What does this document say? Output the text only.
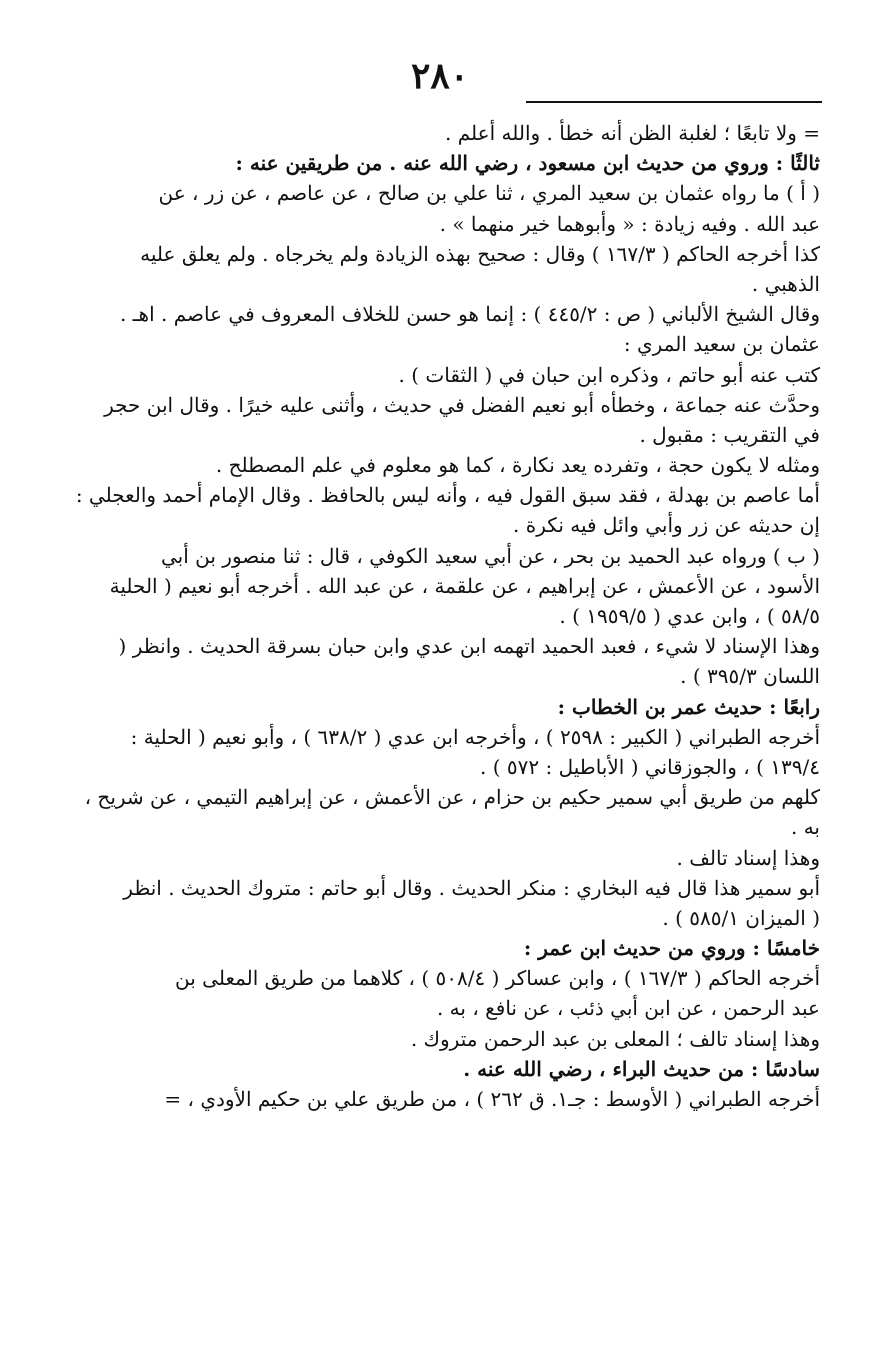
٢٨٠
= ولا تابعًا ؛ لغلبة الظن أنه خطأ . والله أعلم .
ثالثًا : وروي من حديث ابن مسعود ، رضي الله عنه . من طريقين عنه :
( أ ) ما رواه عثمان بن سعيد المري ، ثنا علي بن صالح ، عن عاصم ، عن زر ، عن
عبد الله . وفيه زيادة : « وأبوهما خير منهما » .
كذا أخرجه الحاكم ( ١٦٧/٣ ) وقال : صحيح بهذه الزيادة ولم يخرجاه . ولم يعلق عليه
الذهبي .
وقال الشيخ الألباني ( ص : ٤٤٥/٢ ) : إنما هو حسن للخلاف المعروف في عاصم . اهـ .
عثمان بن سعيد المري :
كتب عنه أبو حاتم ، وذكره ابن حبان في ( الثقات ) .
وحدَّث عنه جماعة ، وخطأه أبو نعيم الفضل في حديث ، وأثنى عليه خيرًا . وقال ابن حجر
في التقريب : مقبول .
ومثله لا يكون حجة ، وتفرده يعد نكارة ، كما هو معلوم في علم المصطلح .
أما عاصم بن بهدلة ، فقد سبق القول فيه ، وأنه ليس بالحافظ . وقال الإمام أحمد والعجلي :
إن حديثه عن زر وأبي وائل فيه نكرة .
( ب ) ورواه عبد الحميد بن بحر ، عن أبي سعيد الكوفي ، قال : ثنا منصور بن أبي
الأسود ، عن الأعمش ، عن إبراهيم ، عن علقمة ، عن عبد الله . أخرجه أبو نعيم ( الحلية
٥٨/٥ ) ، وابن عدي ( ١٩٥٩/٥ ) .
وهذا الإسناد لا شيء ، فعبد الحميد اتهمه ابن عدي وابن حبان بسرقة الحديث . وانظر (
اللسان ٣٩٥/٣ ) .
رابعًا : حديث عمر بن الخطاب :
أخرجه الطبراني ( الكبير : ٢٥٩٨ ) ، وأخرجه ابن عدي ( ٦٣٨/٢ ) ، وأبو نعيم ( الحلية :
١٣٩/٤ ) ، والجوزقاني ( الأباطيل : ٥٧٢ ) .
كلهم من طريق أبي سمير حكيم بن حزام ، عن الأعمش ، عن إبراهيم التيمي ، عن شريح ،
به .
وهذا إسناد تالف .
أبو سمير هذا قال فيه البخاري : منكر الحديث . وقال أبو حاتم : متروك الحديث . انظر
( الميزان ٥٨٥/١ ) .
خامسًا : وروي من حديث ابن عمر :
أخرجه الحاكم ( ١٦٧/٣ ) ، وابن عساكر ( ٥٠٨/٤ ) ، كلاهما من طريق المعلى بن
عبد الرحمن ، عن ابن أبي ذئب ، عن نافع ، به .
وهذا إسناد تالف ؛ المعلى بن عبد الرحمن متروك .
سادسًا : من حديث البراء ، رضي الله عنه .
أخرجه الطبراني ( الأوسط : جـ١. ق ٢٦٢ ) ، من طريق علي بن حكيم الأودي ، =
